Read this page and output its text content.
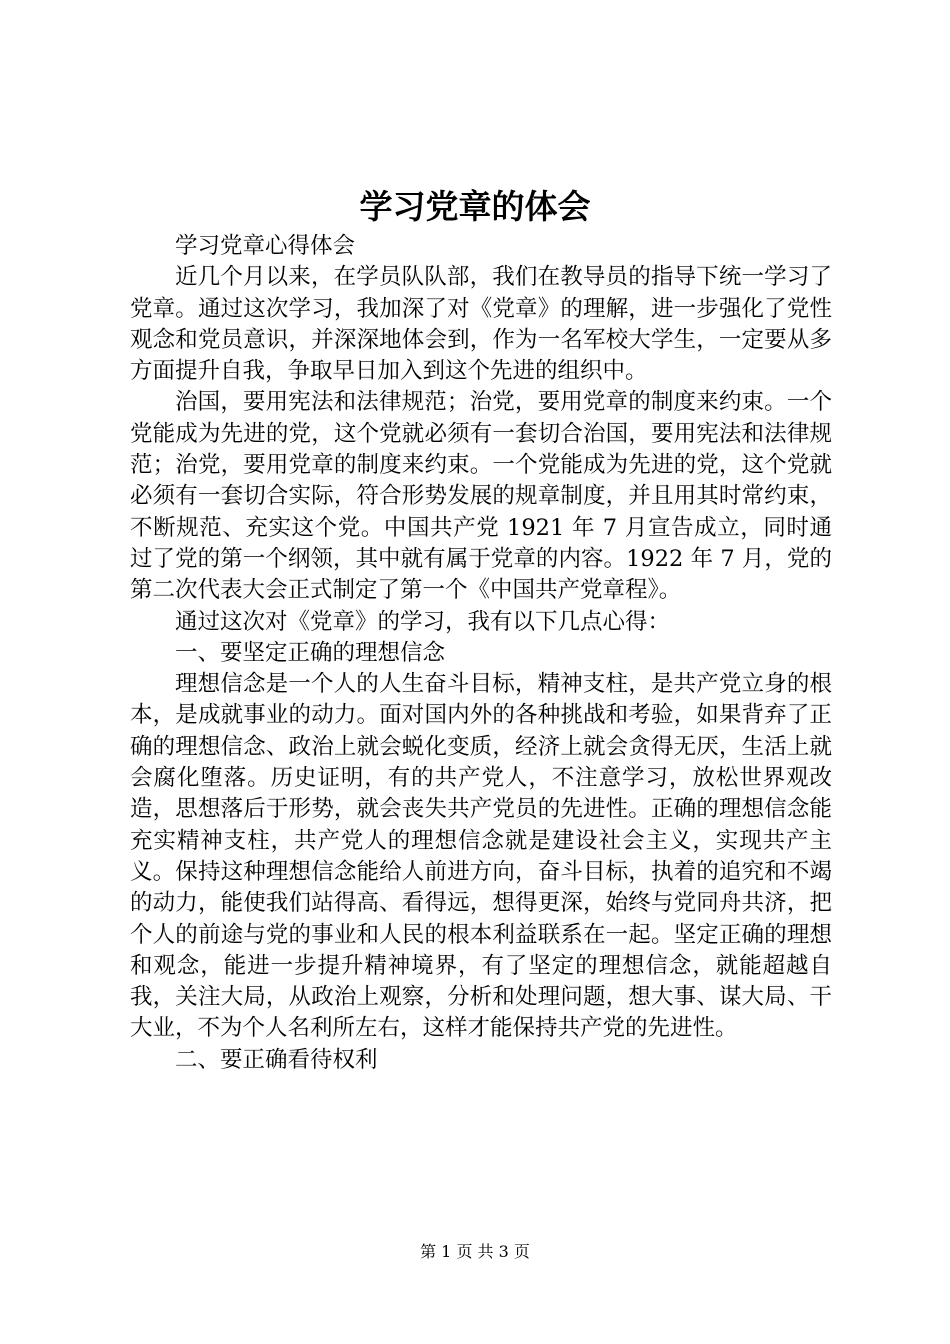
学习党章的体会

学习党章心得体会

近几个月以来，在学员队队部，我们在教导员的指导下统一学习了党章。通过这次学习，我加深了对《党章》的理解，进一步强化了党性观念和党员意识，并深深地体会到，作为一名军校大学生，一定要从多方面提升自我，争取早日加入到这个先进的组织中。

治国，要用宪法和法律规范；治党，要用党章的制度来约束。一个党能成为先进的党，这个党就必须有一套切合治国，要用宪法和法律规范；治党，要用党章的制度来约束。一个党能成为先进的党，这个党就必须有一套切合实际，符合形势发展的规章制度，并且用其时常约束，不断规范、充实这个党。中国共产党 1921 年 7 月宣告成立，同时通过了党的第一个纲领，其中就有属于党章的内容。1922 年 7 月，党的第二次代表大会正式制定了第一个《中国共产党章程》。

通过这次对《党章》的学习，我有以下几点心得：

一、要坚定正确的理想信念

理想信念是一个人的人生奋斗目标，精神支柱，是共产党立身的根本，是成就事业的动力。面对国内外的各种挑战和考验，如果背弃了正确的理想信念、政治上就会蜕化变质，经济上就会贪得无厌，生活上就会腐化堕落。历史证明，有的共产党人，不注意学习，放松世界观改造，思想落后于形势，就会丧失共产党员的先进性。正确的理想信念能充实精神支柱，共产党人的理想信念就是建设社会主义，实现共产主义。保持这种理想信念能给人前进方向，奋斗目标，执着的追究和不竭的动力，能使我们站得高、看得远，想得更深，始终与党同舟共济，把个人的前途与党的事业和人民的根本利益联系在一起。坚定正确的理想和观念，能进一步提升精神境界，有了坚定的理想信念，就能超越自我，关注大局，从政治上观察，分析和处理问题，想大事、谋大局、干大业，不为个人名利所左右，这样才能保持共产党的先进性。

二、要正确看待权利

第 1 页 共 3 页
